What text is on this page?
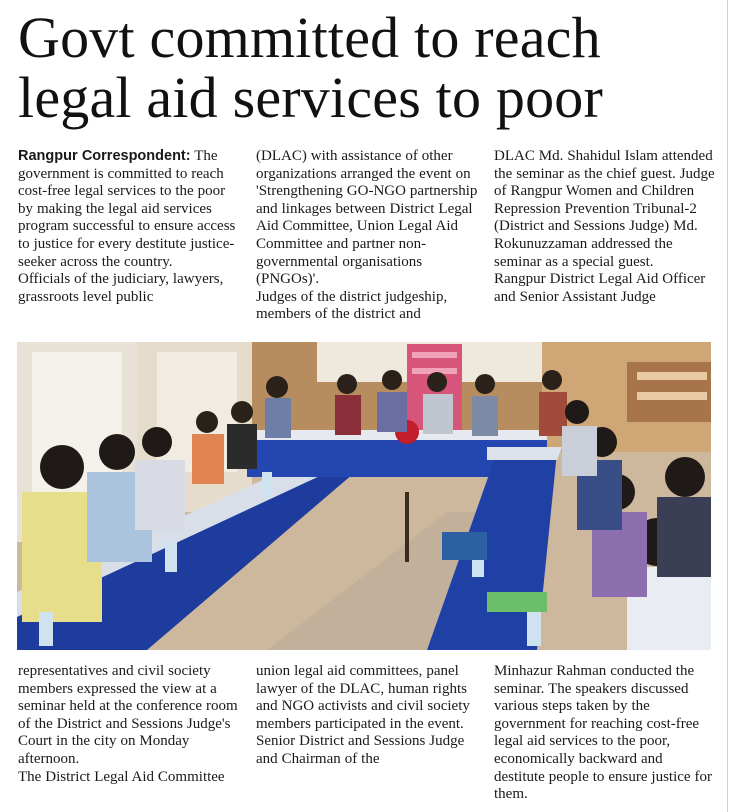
Govt committed to reach
legal aid services to poor

Rangpur Correspondent: The government is committed to reach cost-free legal services to the poor by making the legal aid services program successful to ensure access to justice for every destitute justice-seeker across the country.

Officials of the judiciary, lawyers, grassroots level public

(DLAC) with assistance of other organizations arranged the event on 'Strengthening GO-NGO partnership and linkages between District Legal Aid Committee, Union Legal Aid Committee and partner non-governmental organisations (PNGOs)'.

Judges of the district judgeship, members of the district and

DLAC Md. Shahidul Islam attended the seminar as the chief guest. Judge of Rangpur Women and Children Repression Prevention Tribunal-2 (District and Sessions Judge) Md. Rokunuzzaman addressed the seminar as a special guest.

Rangpur District Legal Aid Officer and Senior Assistant Judge

representatives and civil society members expressed the view at a seminar held at the conference room of the District and Sessions Judge's Court in the city on Monday afternoon.

The District Legal Aid Committee

union legal aid committees, panel lawyer of the DLAC, human rights and NGO activists and civil society members participated in the event.

Senior District and Sessions Judge and Chairman of the

Minhazur Rahman conducted the seminar. The speakers discussed various steps taken by the government for reaching cost-free legal aid services to the poor, economically backward and destitute people to ensure justice for them.
